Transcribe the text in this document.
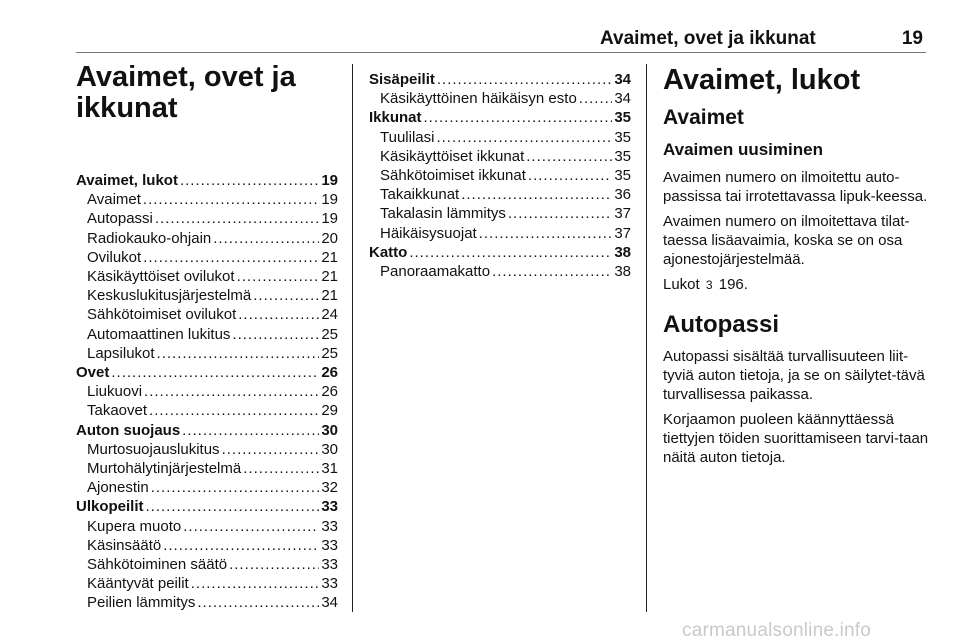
Avaimet, ovet ja ikkunat	19
Avaimet, ovet ja
ikkunat
Avaimet, lukot .....	19
Avaimet .....	19
Autopassi .....	19
Radiokauko-ohjain .....	20
Ovilukot .....	21
Käsikäyttöiset ovilukot .....	21
Keskuslukitusjärjestelmä .....	21
Sähkötoimiset ovilukot .....	24
Automaattinen lukitus .....	25
Lapsilukot .....	25
Ovet .....	26
Liukuovi .....	26
Takaovet .....	29
Auton suojaus .....	30
Murtosuojauslukitus .....	30
Murtohälytinjärjestelmä .....	31
Ajonestin .....	32
Ulkopeilit .....	33
Kupera muoto .....	33
Käsinsäätö .....	33
Sähkötoiminen säätö .....	33
Kääntyvät peilit .....	33
Peilien lämmitys .....	34
Sisäpeilit .....	34
Käsikäyttöinen häikäisyn esto .....	34
Ikkunat .....	35
Tuulilasi .....	35
Käsikäyttöiset ikkunat .....	35
Sähkötoimiset ikkunat .....	35
Takaikkunat .....	36
Takalasin lämmitys .....	37
Häikäisysuojat .....	37
Katto .....	38
Panoraamakatto .....	38
Avaimet, lukot
Avaimet
Avaimen uusiminen

Avaimen numero on ilmoitettu auto-passissa tai irrotettavassa lipuk-keessa.

Avaimen numero on ilmoitettava tilat-taessa lisäavaimia, koska se on osa ajonestojärjestelmää.

Lukot 3 196.

Autopassi

Autopassi sisältää turvallisuuteen liit-tyviä auton tietoja, ja se on säilytet-tävä turvallisessa paikassa.

Korjaamon puoleen käännyttäessä tiettyjen töiden suorittamiseen tarvi-taan näitä auton tietoja.

carmanualsonline.info
